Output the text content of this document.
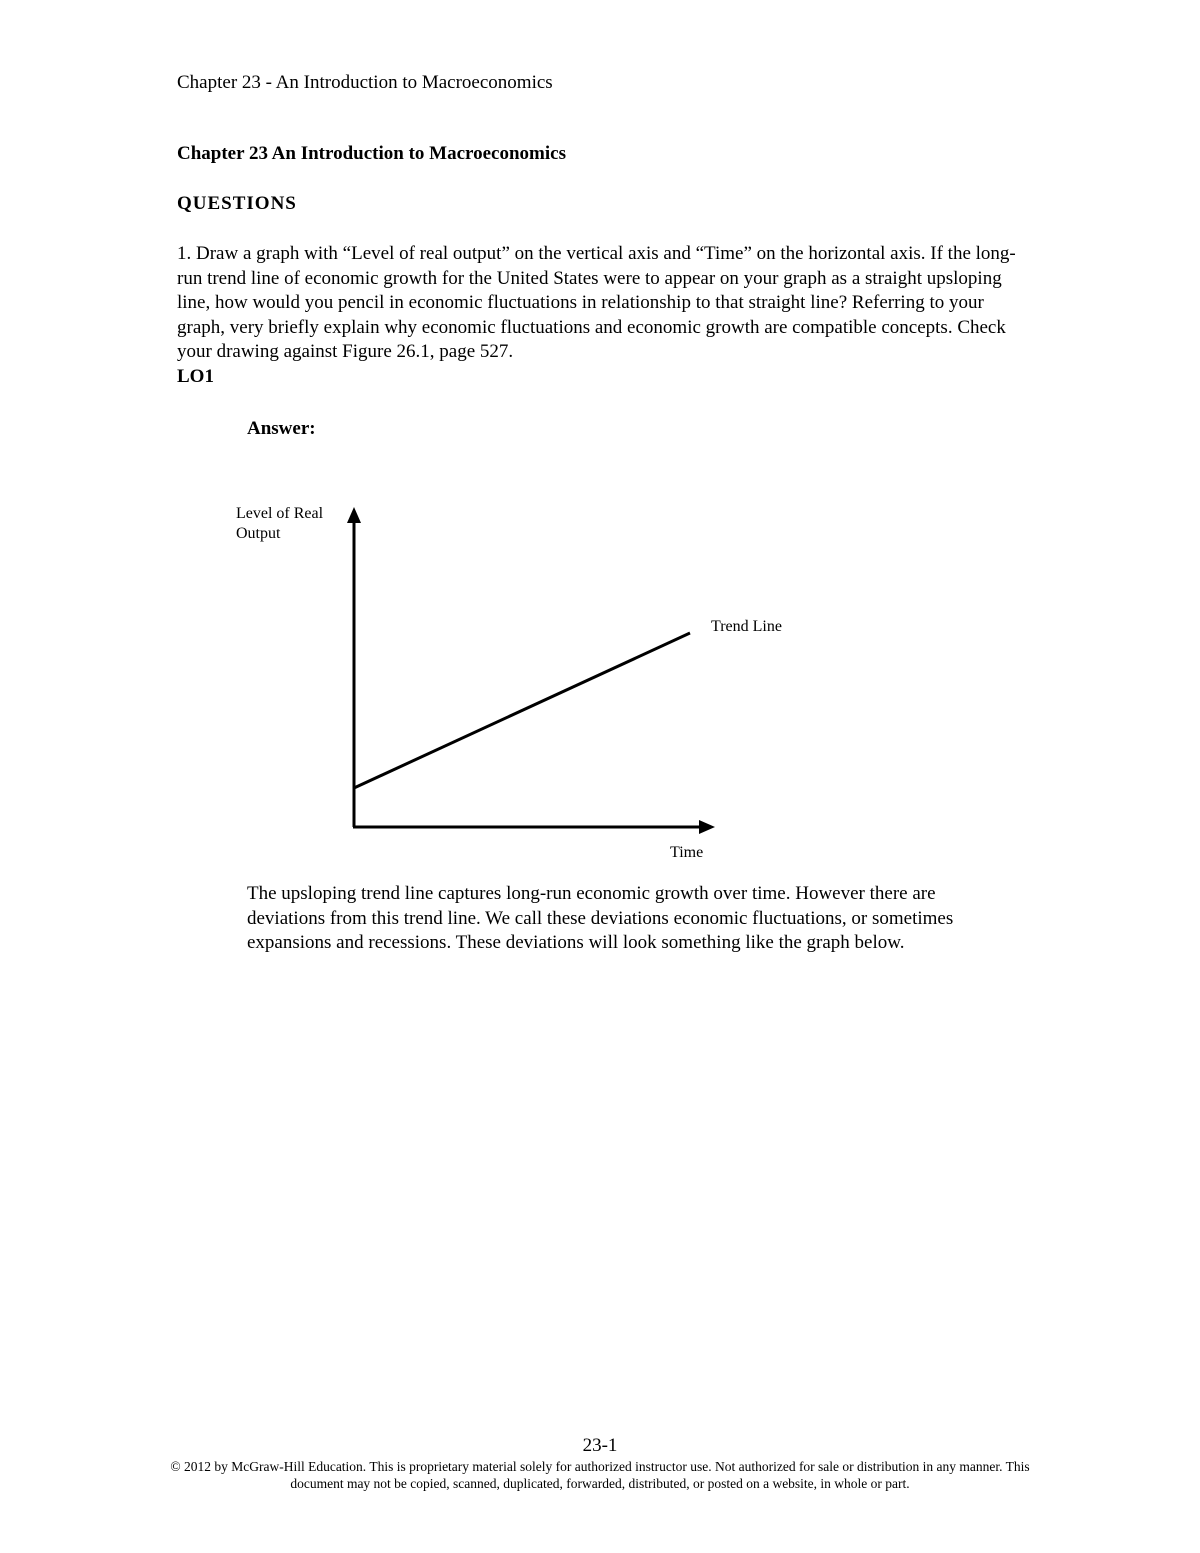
Chapter 23 - An Introduction to Macroeconomics
Chapter 23 An Introduction to Macroeconomics
QUESTIONS
1. Draw a graph with “Level of real output” on the vertical axis and “Time” on the horizontal axis. If the long-run trend line of economic growth for the United States were to appear on your graph as a straight upsloping line, how would you pencil in economic fluctuations in relationship to that straight line? Referring to your graph, very briefly explain why economic fluctuations and economic growth are compatible concepts. Check your drawing against Figure 26.1, page 527.
LO1
Answer:
Level of Real
Output
Trend Line
Time
The upsloping trend line captures long-run economic growth over time. However there are deviations from this trend line. We call these deviations economic fluctuations, or sometimes expansions and recessions. These deviations will look something like the graph below.
23-1
© 2012 by McGraw-Hill Education. This is proprietary material solely for authorized instructor use. Not authorized for sale or distribution in any manner. This document may not be copied, scanned, duplicated, forwarded, distributed, or posted on a website, in whole or part.
